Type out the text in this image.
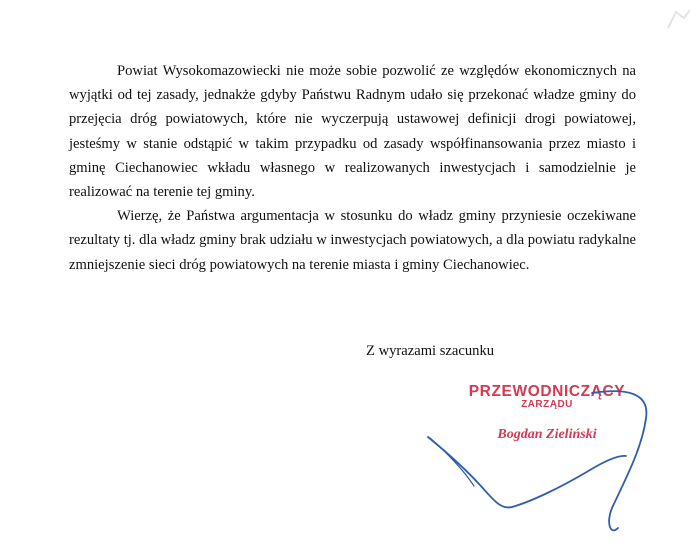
Powiat Wysokomazowiecki nie może sobie pozwolić ze względów ekonomicznych na wyjątki od tej zasady, jednakże gdyby Państwu Radnym udało się przekonać władze gminy do przejęcia dróg powiatowych, które nie wyczerpują ustawowej definicji drogi powiatowej, jesteśmy w stanie odstąpić w takim przypadku od zasady współfinansowania przez miasto i gminę Ciechanowiec wkładu własnego w realizowanych inwestycjach i samodzielnie je realizować na terenie tej gminy.

Wierzę, że Państwa argumentacja w stosunku do władz gminy przyniesie oczekiwane rezultaty tj. dla władz gminy brak udziału w inwestycjach powiatowych, a dla powiatu radykalne zmniejszenie sieci dróg powiatowych na terenie miasta i gminy Ciechanowiec.

Z wyrazami szacunku
PRZEWODNICZĄCY
ZARZĄDU
Bogdan Zieliński
